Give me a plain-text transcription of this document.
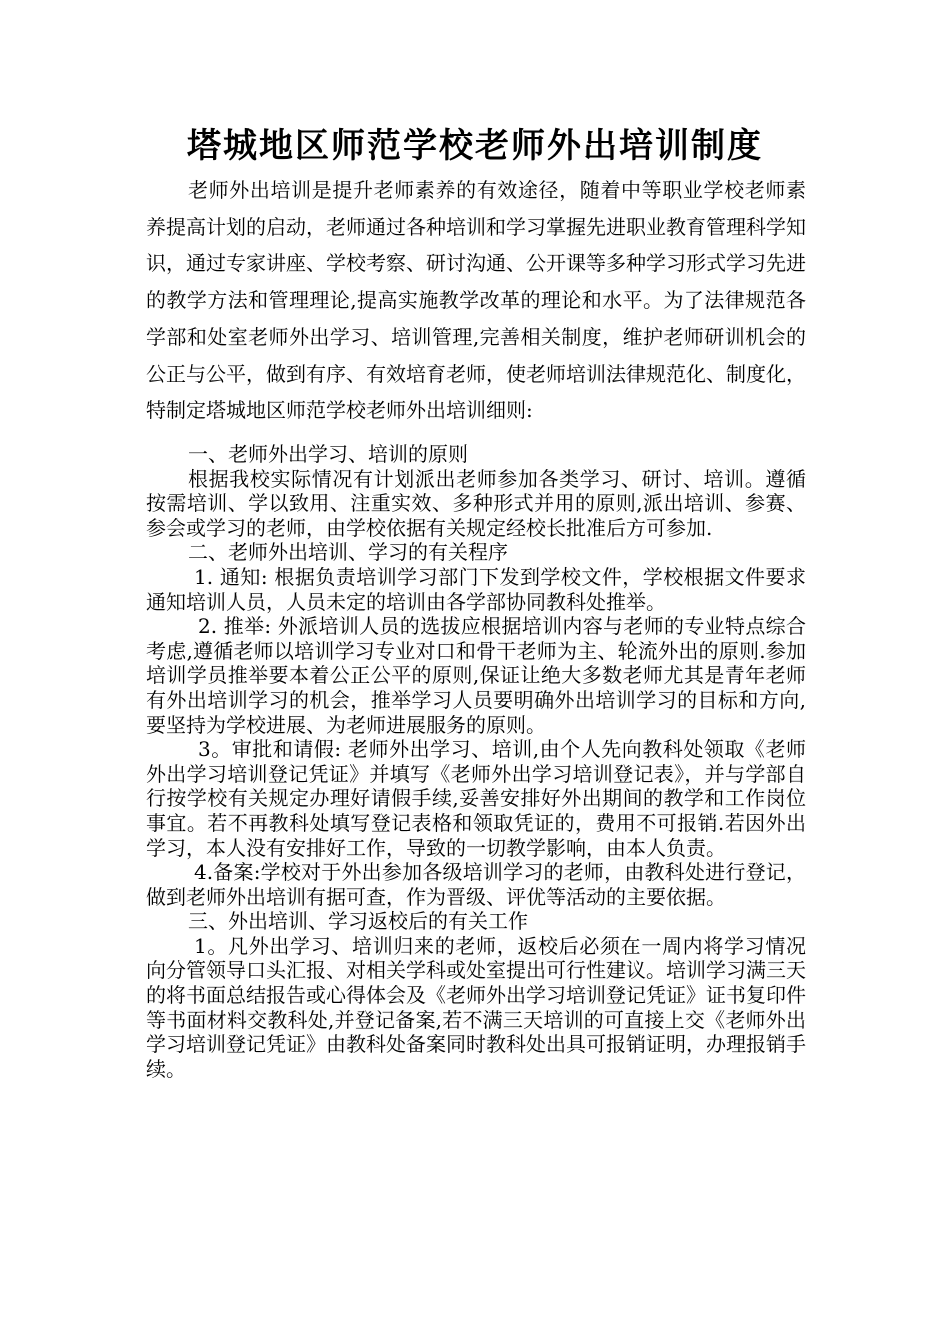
塔城地区师范学校老师外出培训制度

老师外出培训是提升老师素养的有效途径，随着中等职业学校老师素养提高计划的启动，老师通过各种培训和学习掌握先进职业教育管理科学知识，通过专家讲座、学校考察、研讨沟通、公开课等多种学习形式学习先进的教学方法和管理理论,提高实施教学改革的理论和水平。为了法律规范各学部和处室老师外出学习、培训管理,完善相关制度，维护老师研训机会的公正与公平，做到有序、有效培育老师，使老师培训法律规范化、制度化， 特制定塔城地区师范学校老师外出培训细则:

一、老师外出学习、培训的原则

根据我校实际情况有计划派出老师参加各类学习、研讨、培训。遵循按需培训、学以致用、注重实效、多种形式并用的原则,派出培训、参赛、参会或学习的老师，由学校依据有关规定经校长批准后方可参加.

二、老师外出培训、学习的有关程序

1. 通知: 根据负责培训学习部门下发到学校文件，学校根据文件要求通知培训人员，人员未定的培训由各学部协同教科处推举。

2. 推举: 外派培训人员的选拔应根据培训内容与老师的专业特点综合考虑,遵循老师以培训学习专业对口和骨干老师为主、轮流外出的原则.参加培训学员推举要本着公正公平的原则,保证让绝大多数老师尤其是青年老师有外出培训学习的机会，推举学习人员要明确外出培训学习的目标和方向,要坚持为学校进展、为老师进展服务的原则。

3。审批和请假: 老师外出学习、培训,由个人先向教科处领取《老师外出学习培训登记凭证》并填写《老师外出学习培训登记表》，并与学部自行按学校有关规定办理好请假手续,妥善安排好外出期间的教学和工作岗位事宜。若不再教科处填写登记表格和领取凭证的，费用不可报销.若因外出学习，本人没有安排好工作，导致的一切教学影响，由本人负责。

4.备案:学校对于外出参加各级培训学习的老师，由教科处进行登记，做到老师外出培训有据可查，作为晋级、评优等活动的主要依据。

三、外出培训、学习返校后的有关工作

1。凡外出学习、培训归来的老师，返校后必须在一周内将学习情况向分管领导口头汇报、对相关学科或处室提出可行性建议。培训学习满三天的将书面总结报告或心得体会及《老师外出学习培训登记凭证》证书复印件等书面材料交教科处,并登记备案,若不满三天培训的可直接上交《老师外出学习培训登记凭证》由教科处备案同时教科处出具可报销证明，办理报销手续。
